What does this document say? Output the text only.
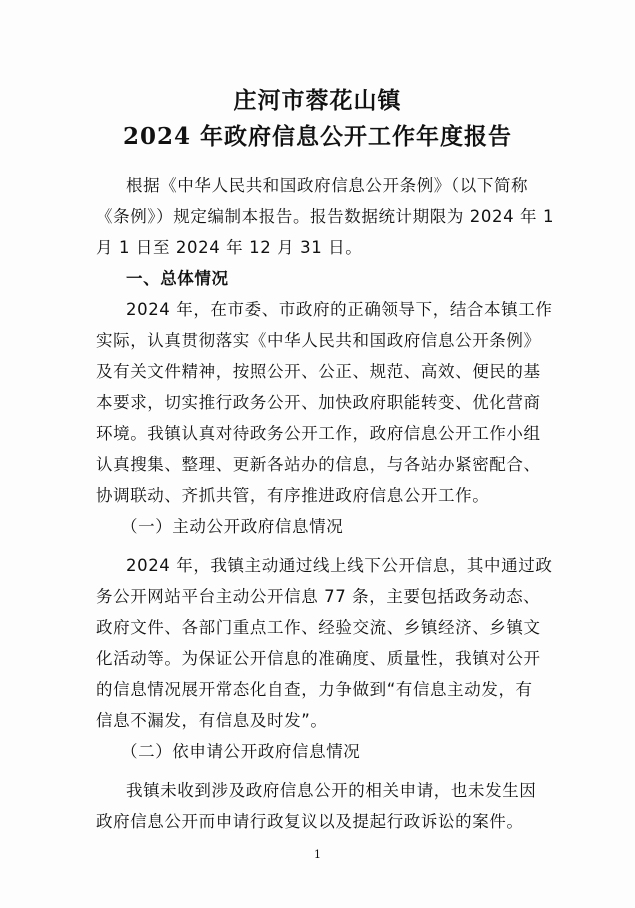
庄河市蓉花山镇
2024 年政府信息公开工作年度报告
根据《中华人民共和国政府信息公开条例》（以下简称
《条例》）规定编制本报告。报告数据统计期限为 2024 年 1
月 1 日至 2024 年 12 月 31 日。
一、总体情况
2024 年，在市委、市政府的正确领导下，结合本镇工作
实际，认真贯彻落实《中华人民共和国政府信息公开条例》
及有关文件精神，按照公开、公正、规范、高效、便民的基
本要求，切实推行政务公开、加快政府职能转变、优化营商
环境。我镇认真对待政务公开工作，政府信息公开工作小组
认真搜集、整理、更新各站办的信息，与各站办紧密配合、
协调联动、齐抓共管，有序推进政府信息公开工作。
（一）主动公开政府信息情况
2024 年，我镇主动通过线上线下公开信息，其中通过政
务公开网站平台主动公开信息 77 条，主要包括政务动态、
政府文件、各部门重点工作、经验交流、乡镇经济、乡镇文
化活动等。为保证公开信息的准确度、质量性，我镇对公开
的信息情况展开常态化自查，力争做到“有信息主动发，有
信息不漏发，有信息及时发”。
（二）依申请公开政府信息情况
我镇未收到涉及政府信息公开的相关申请，也未发生因
政府信息公开而申请行政复议以及提起行政诉讼的案件。
1
